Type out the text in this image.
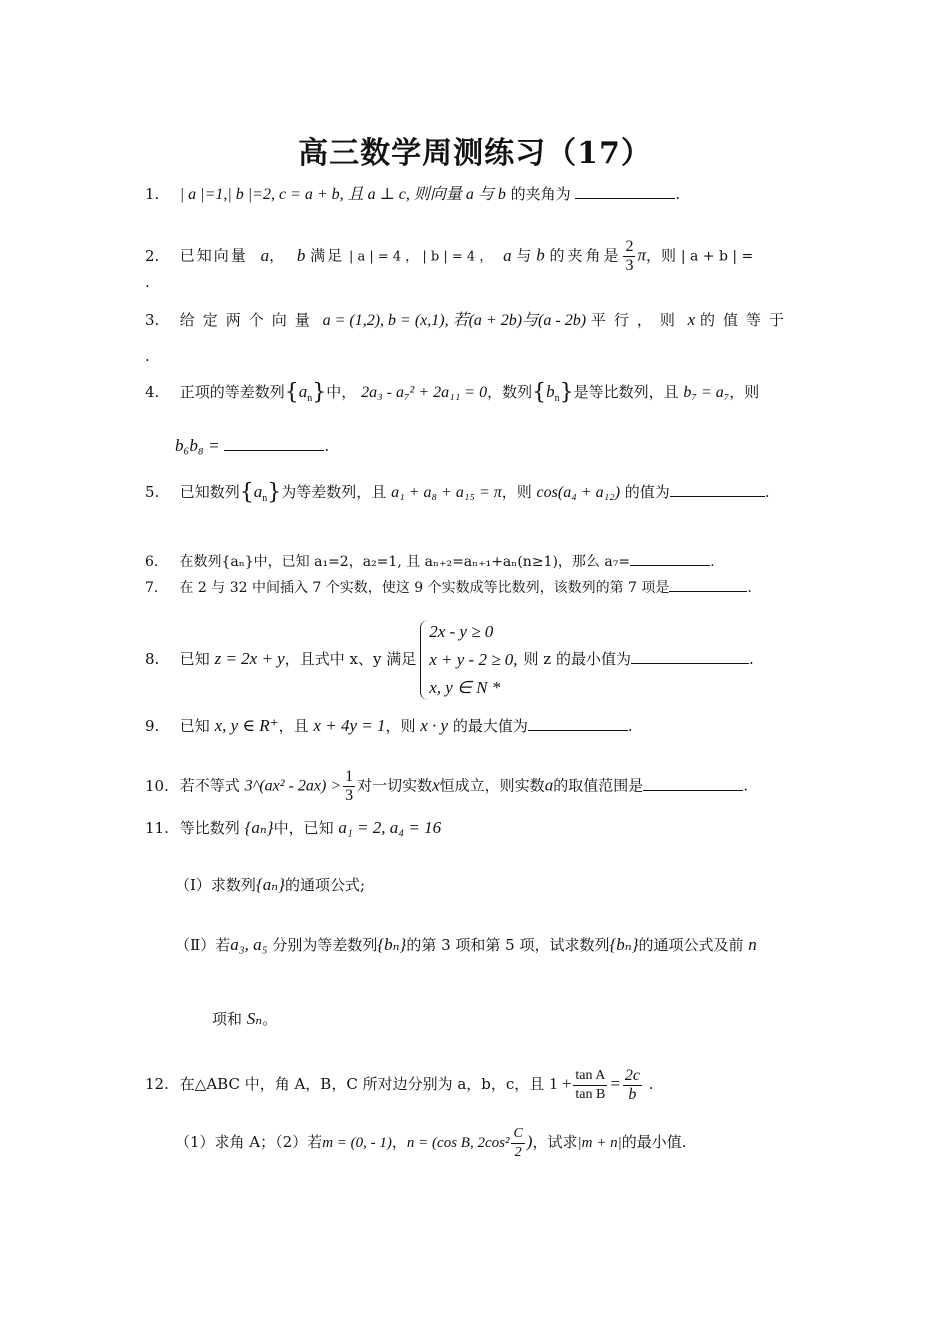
高三数学周测练习（17）
1. | a |=1,| b |=2, c = a + b, 且 a ⊥ c, 则向量 a 与 b 的夹角为	.
2. 已知向量 a， b 满足 | a | = 4 ， | b | = 4 ， a 与 b 的夹角是 $\frac{2}{3}$ π，则 | a + b | =
.
3. 给定两个向量 a = (1,2), b = (x,1), 若(a + 2b)与(a - 2b) 平行，则 x 的值等于
.
4. 正项的等差数列$\{a_n\}$中， 2a₃ - a₇² + 2a₁₁ = 0，数列$\{b_n\}$是等比数列，且 b₇ = a₇，则
b₆b₈ =	.
5. 已知数列$\{a_n\}$为等差数列，且 a₁ + a₈ + a₁₅ = π，则 cos(a₄ + a₁₂) 的值为	.
6. 在数列{aₙ}中，已知 a₁=2，a₂=1, 且 aₙ₊₂=aₙ₊₁+aₙ(n≥1)，那么 a₇=	.
7. 在 2 与 32 中间插入 7 个实数，使这 9 个实数成等比数列，该数列的第 7 项是	.
8. 已知 z = 2x + y，且式中 x、y 满足
2x - y ≥ 0
x + y - 2 ≥ 0,
x, y ∈ N *
则 z 的最小值为	.
9. 已知 x, y ∈ R⁺，且 x + 4y = 1，则 x · y 的最大值为	.
10. 若不等式 3^(ax² - $2ax) > \frac{1}{3}$ 对一切实数x恒成立，则实数a的取值范围是	.
11. 等比数列 {aₙ}中，已知 a₁ = 2, a₄ = 16
（I）求数列{aₙ}的通项公式;
（Ⅱ）若a₃, a₅ 分别为等差数列{bₙ}的第 3 项和第 5 项，试求数列{bₙ}的通项公式及前 n
项和 Sₙ。
12. 在△ABC 中，角 A，B，C 所对边分别为 a，b，c，且 $1 + \frac{\text{tan A}}{\text{tan B}} = \frac{2c}{b}$ .
（1）求角 A；（2）若m = (0, - 1)，n = (cos B, $2\cos^2 \frac{C}{2}$ )，试求|m + n|的最小值.
